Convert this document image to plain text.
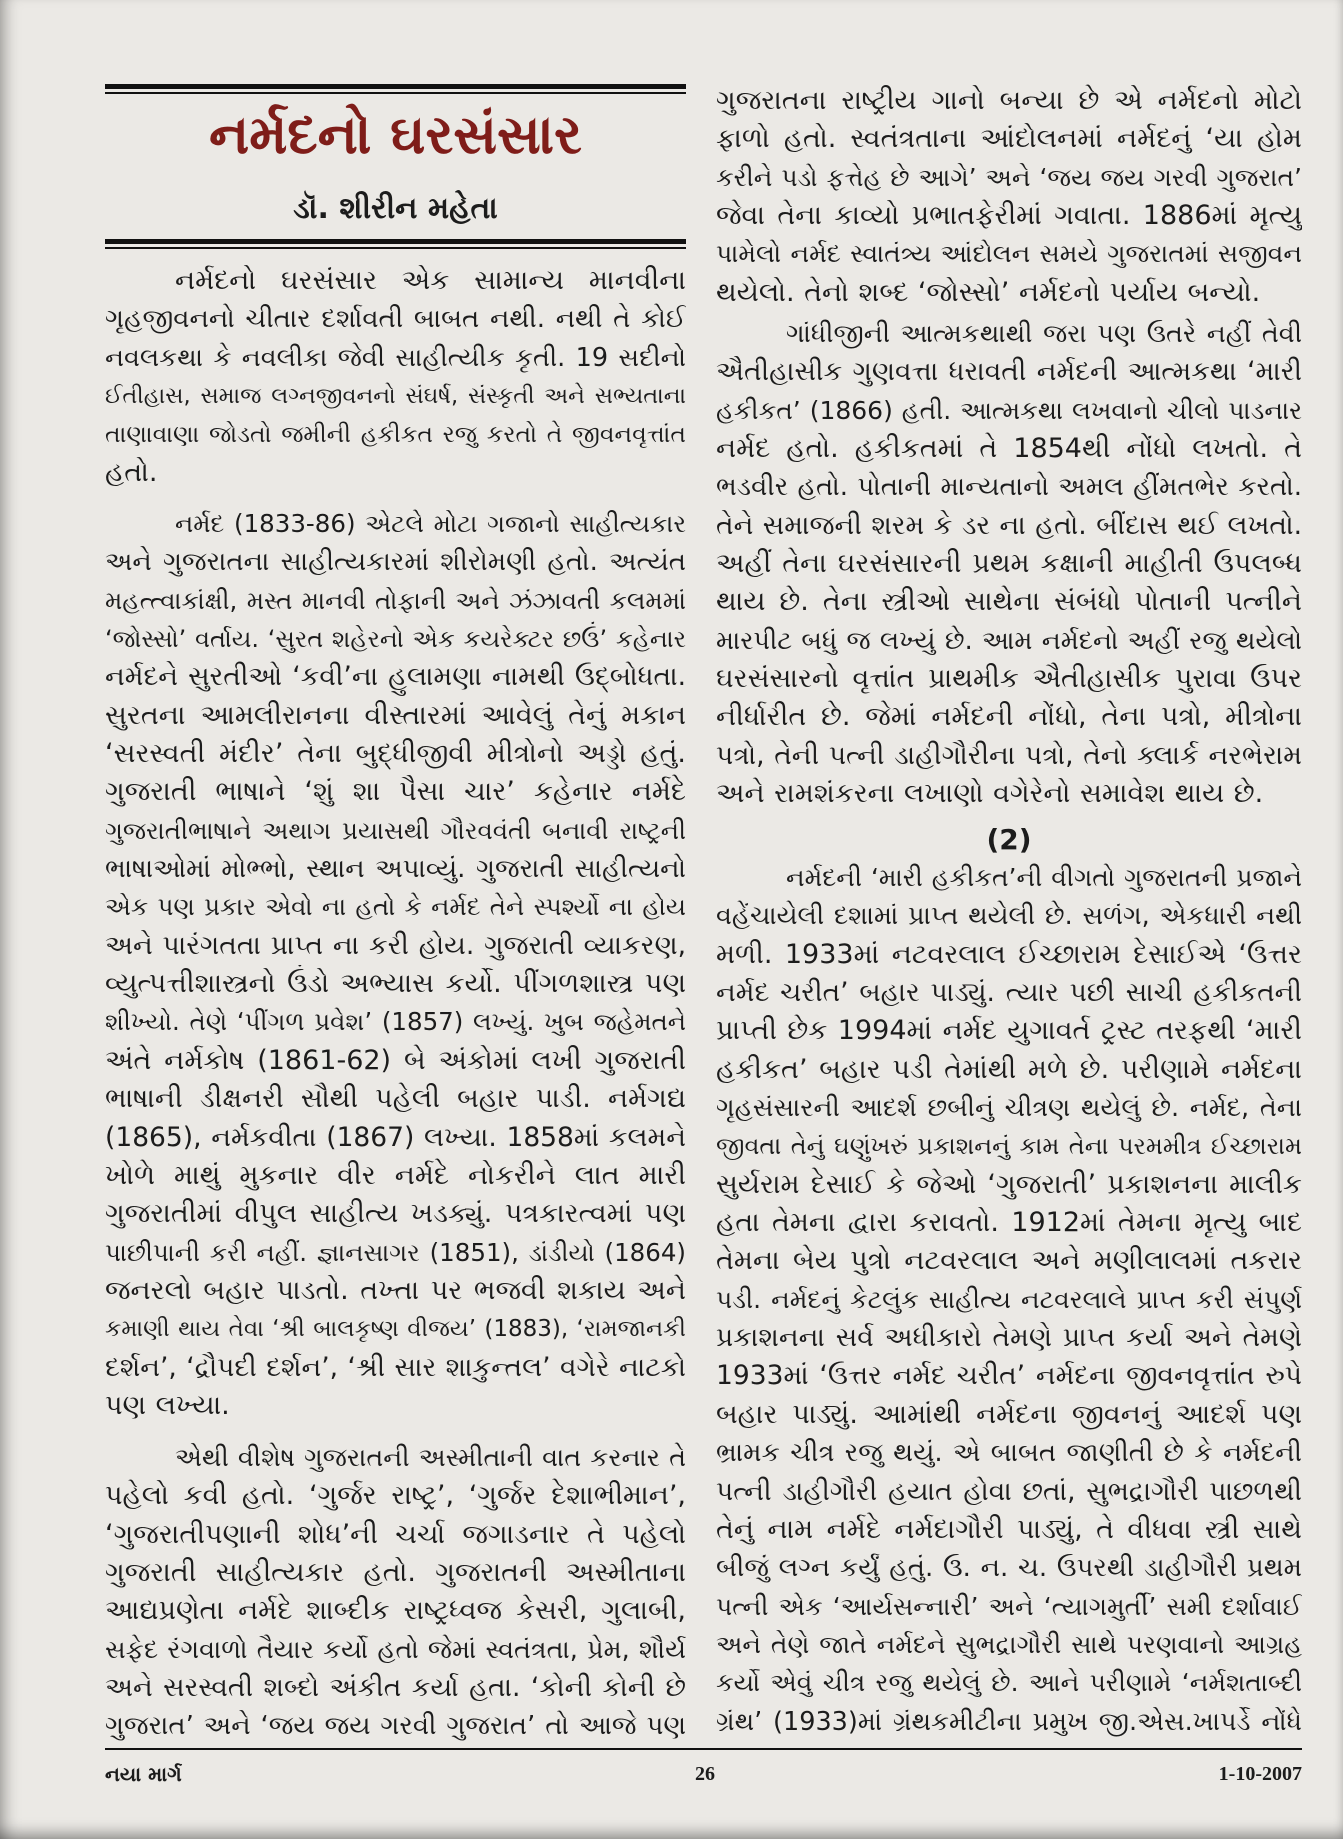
નર્મદનો ઘરસંસાર
ડૉ. શીરીન મહેતા
નર્મદનો ઘરસંસાર એક સામાન્ય માનવીના
ગૃહજીવનનો ચીતાર દર્શાવતી બાબત નથી. નથી તે કોઈ
નવલકથા કે નવલીકા જેવી સાહીત્યીક કૃતી. 19 સદીનો
ઈતીહાસ, સમાજ લગ્નજીવનનો સંઘર્ષ, સંસ્કૃતી અને સભ્યતાના
તાણાવાણા જોડતો જમીની હકીકત રજુ કરતો તે જીવનવૃત્તાંત
હતો.
નર્મદ (1833-86) એટલે મોટા ગજાનો સાહીત્યકાર
અને ગુજરાતના સાહીત્યકારમાં શીરોમણી હતો. અત્યંત
મહત્ત્વાકાંક્ષી, મસ્ત માનવી તોફાની અને ઝંઝાવતી કલમમાં
‘જોસ્સો’ વર્તાય. ‘સુરત શહેરનો એક કયરેક્ટર છઉં’ કહેનાર
નર્મદને સુરતીઓ ‘કવી’ના હુલામણા નામથી ઉદ્બોધતા.
સુરતના આમલીરાનના વીસ્તારમાં આવેલું તેનું મકાન
‘સરસ્વતી મંદીર’ તેના બુદ્ધીજીવી મીત્રોનો અડ્ડો હતું.
ગુજરાતી ભાષાને ‘શું શા પૈસા ચાર’ કહેનાર નર્મદે
ગુજરાતીભાષાને અથાગ પ્રયાસથી ગૌરવવંતી બનાવી રાષ્ટ્રની
ભાષાઓમાં મોભ્ભો, સ્થાન અપાવ્યું. ગુજરાતી સાહીત્યનો
એક પણ પ્રકાર એવો ના હતો કે નર્મદ તેને સ્પર્શ્યો ના હોય
અને પારંગતતા પ્રાપ્ત ના કરી હોય. ગુજરાતી વ્યાકરણ,
વ્યુત્પત્તીશાસ્ત્રનો ઉંડો અભ્યાસ કર્યો. પીંગળશાસ્ત્ર પણ
શીખ્યો. તેણે ‘પીંગળ પ્રવેશ’ (1857) લખ્યું. ખુબ જહેમતને
અંતે નર્મકોષ (1861-62) બે અંકોમાં લખી ગુજરાતી
ભાષાની ડીક્ષનરી સૌથી પહેલી બહાર પાડી. નર્મગદ્ય
(1865), નર્મકવીતા (1867) લખ્યા. 1858માં કલમને
ખોળે માથું મુકનાર વીર નર્મદે નોકરીને લાત મારી
ગુજરાતીમાં વીપુલ સાહીત્ય ખડક્યું. પત્રકારત્વમાં પણ
પાછીપાની કરી નહીં. જ્ઞાનસાગર (1851), ડાંડીયો (1864)
જનરલો બહાર પાડતો. તખ્તા પર ભજવી શકાય અને
કમાણી થાય તેવા ‘શ્રી બાલકૃષ્ણ વીજય’ (1883), ‘રામજાનકી
દર્શન’, ‘દ્રૌપદી દર્શન’, ‘શ્રી સાર શાકુન્તલ’ વગેરે નાટકો
પણ લખ્યા.
એથી વીશેષ ગુજરાતની અસ્મીતાની વાત કરનાર તે
પહેલો કવી હતો. ‘ગુર્જર રાષ્ટ્ર’, ‘ગુર્જર દેશાભીમાન’,
‘ગુજરાતીપણાની શોધ’ની ચર્ચા જગાડનાર તે પહેલો
ગુજરાતી સાહીત્યકાર હતો. ગુજરાતની અસ્મીતાના
આદ્યપ્રણેતા નર્મદે શાબ્દીક રાષ્ટ્રધ્વજ કેસરી, ગુલાબી,
સફેદ રંગવાળો તૈયાર કર્યો હતો જેમાં સ્વતંત્રતા, પ્રેમ, શૌર્ય
અને સરસ્વતી શબ્દો અંકીત કર્યા હતા. ‘કોની કોની છે
ગુજરાત’ અને ‘જય જય ગરવી ગુજરાત’ તો આજે પણ
ગુજરાતના રાષ્ટ્રીય ગાનો બન્યા છે એ નર્મદનો મોટો
ફાળો હતો. સ્વતંત્રતાના આંદોલનમાં નર્મદનું ‘યા હોમ
કરીને પડો ફત્તેહ છે આગે’ અને ‘જય જય ગરવી ગુજરાત’
જેવા તેના કાવ્યો પ્રભાતફેરીમાં ગવાતા. 1886માં મૃત્યુ
પામેલો નર્મદ સ્વાતંત્ર્ય આંદોલન સમયે ગુજરાતમાં સજીવન
થયેલો. તેનો શબ્દ ‘જોસ્સો’ નર્મદનો પર્યાય બન્યો.
ગાંધીજીની આત્મકથાથી જરા પણ ઉતરે નહીં તેવી
ઐતીહાસીક ગુણવત્તા ધરાવતી નર્મદની આત્મકથા ‘મારી
હકીકત’ (1866) હતી. આત્મકથા લખવાનો ચીલો પાડનાર
નર્મદ હતો. હકીકતમાં તે 1854થી નોંધો લખતો. તે
ભડવીર હતો. પોતાની માન્યતાનો અમલ હીંમતભેર કરતો.
તેને સમાજની શરમ કે ડર ના હતો. બીંદાસ થઈ લખતો.
અહીં તેના ઘરસંસારની પ્રથમ કક્ષાની માહીતી ઉપલબ્ધ
થાય છે. તેના સ્ત્રીઓ સાથેના સંબંધો પોતાની પત્નીને
મારપીટ બધું જ લખ્યું છે. આમ નર્મદનો અહીં રજુ થયેલો
ઘરસંસારનો વૃત્તાંત પ્રાથમીક ઐતીહાસીક પુરાવા ઉપર
નીર્ધારીત છે. જેમાં નર્મદની નોંધો, તેના પત્રો, મીત્રોના
પત્રો, તેની પત્ની ડાહીગૌરીના પત્રો, તેનો ક્લાર્ક નરભેરામ
અને રામશંકરના લખાણો વગેરેનો સમાવેશ થાય છે.
(2)
નર્મદની ‘મારી હકીકત’ની વીગતો ગુજરાતની પ્રજાને
વહેંચાયેલી દશામાં પ્રાપ્ત થયેલી છે. સળંગ, એકધારી નથી
મળી. 1933માં નટવરલાલ ઈચ્છારામ દેસાઈએ ‘ઉત્તર
નર્મદ ચરીત’ બહાર પાડ્યું. ત્યાર પછી સાચી હકીકતની
પ્રાપ્તી છેક 1994માં નર્મદ યુગાવર્ત ટ્રસ્ટ તરફથી ‘મારી
હકીકત’ બહાર પડી તેમાંથી મળે છે. પરીણામે નર્મદના
ગૃહસંસારની આદર્શ છબીનું ચીત્રણ થયેલું છે. નર્મદ, તેના
જીવતા તેનું ઘણુંખરું પ્રકાશનનું કામ તેના પરમમીત્ર ઈચ્છારામ
સુર્યરામ દેસાઈ કે જેઓ ‘ગુજરાતી’ પ્રકાશનના માલીક
હતા તેમના દ્વારા કરાવતો. 1912માં તેમના મૃત્યુ બાદ
તેમના બેય પુત્રો નટવરલાલ અને મણીલાલમાં તકરાર
પડી. નર્મદનું કેટલુંક સાહીત્ય નટવરલાલે પ્રાપ્ત કરી સંપુર્ણ
પ્રકાશનના સર્વ અધીકારો તેમણે પ્રાપ્ત કર્યા અને તેમણે
1933માં ‘ઉત્તર નર્મદ ચરીત’ નર્મદના જીવનવૃત્તાંત રુપે
બહાર પાડ્યું. આમાંથી નર્મદના જીવનનું આદર્શ પણ
ભ્રામક ચીત્ર રજુ થયું. એ બાબત જાણીતી છે કે નર્મદની
પત્ની ડાહીગૌરી હયાત હોવા છતાં, સુભદ્રાગૌરી પાછળથી
તેનું નામ નર્મદે નર્મદાગૌરી પાડ્યું, તે વીધવા સ્ત્રી સાથે
બીજું લગ્ન કર્યું હતું. ઉ. ન. ચ. ઉપરથી ડાહીગૌરી પ્રથમ
પત્ની એક ‘આર્યસન્નારી’ અને ‘ત્યાગમુર્તી’ સમી દર્શાવાઈ
અને તેણે જાતે નર્મદને સુભદ્રાગૌરી સાથે પરણવાનો આગ્રહ
કર્યો એવું ચીત્ર રજુ થયેલું છે. આને પરીણામે ‘નર્મશતાબ્દી
ગ્રંથ’ (1933)માં ગ્રંથકમીટીના પ્રમુખ જી.એસ.ખાપર્ડે નોંધે
નયા માર્ગ	26	1-10-2007
